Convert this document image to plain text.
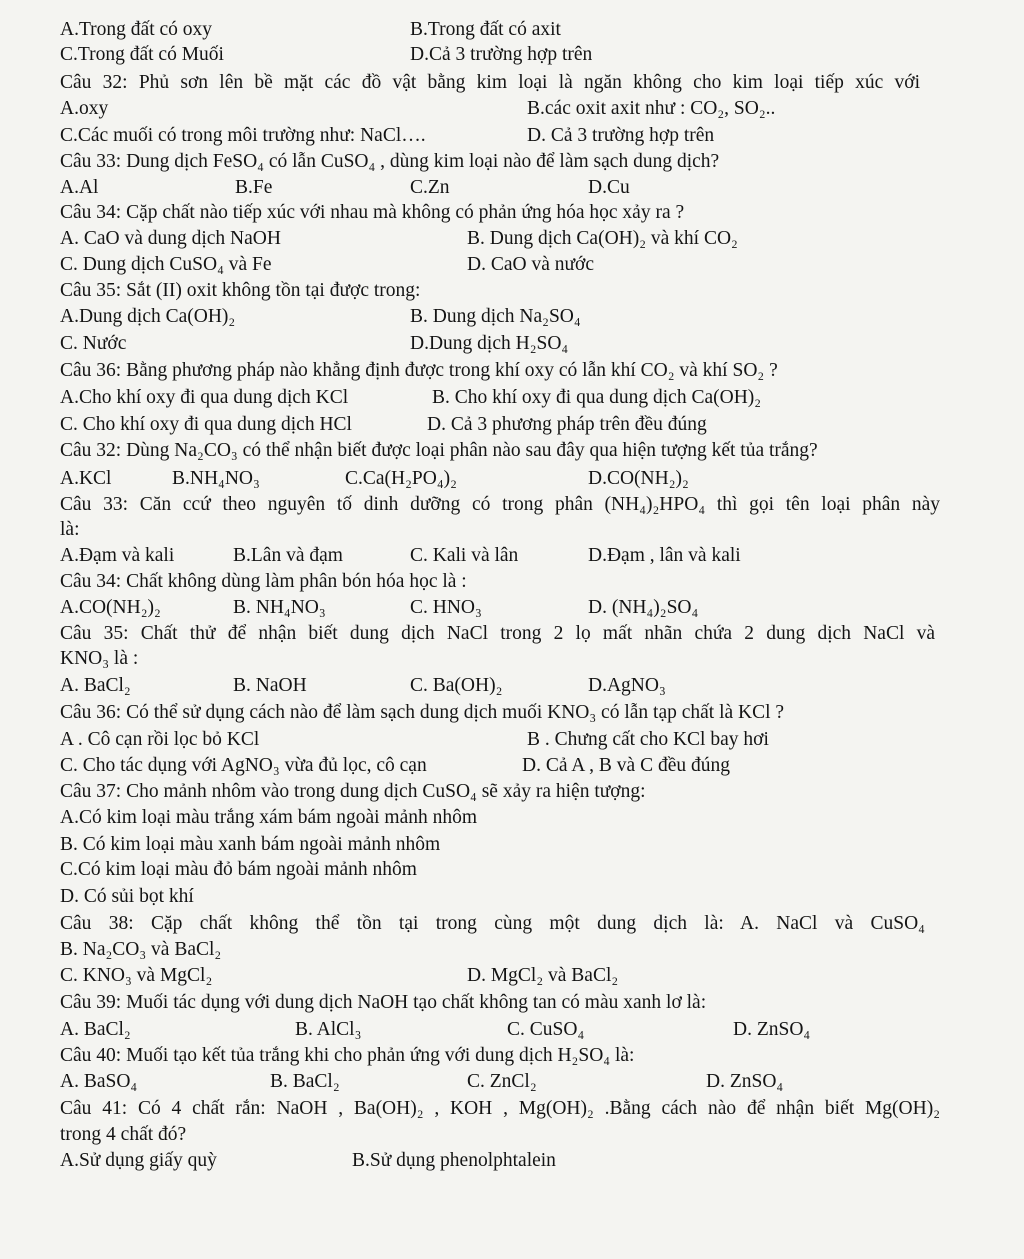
A.Trong đất có oxy	B.Trong đất có axit
C.Trong đất có Muối	D.Cả 3 trường hợp trên
Câu 32: Phủ sơn lên bề mặt các đồ vật bằng kim loại là ngăn không cho kim loại tiếp xúc với
A.oxy	B.các oxit axit như : CO₂, SO₂..
C.Các muối có trong môi trường như: NaCl….	D. Cả 3 trường hợp trên
Câu 33: Dung dịch FeSO₄ có lẫn CuSO₄ , dùng kim loại nào để làm sạch dung dịch?
A.Al	B.Fe	C.Zn	D.Cu
Câu 34: Cặp chất nào tiếp xúc với nhau mà không có phản ứng hóa học xảy ra ?
A. CaO và dung dịch NaOH	B. Dung dịch Ca(OH)₂ và khí CO₂
C. Dung dịch CuSO₄ và Fe	D. CaO và nước
Câu 35: Sắt (II) oxit không tồn tại được trong:
A.Dung dịch Ca(OH)₂	B. Dung dịch Na₂SO₄
C. Nước	D.Dung dịch H₂SO₄
Câu 36: Bằng phương pháp nào khẳng định được trong khí oxy có lẫn khí CO₂ và khí SO₂ ?
A.Cho khí oxy đi qua dung dịch KCl	B. Cho khí oxy đi qua dung dịch Ca(OH)₂
C. Cho khí oxy đi qua dung dịch HCl	D. Cả 3 phương pháp trên đều đúng
Câu 32: Dùng Na₂CO₃ có thể nhận biết được loại phân nào sau đây qua hiện tượng kết tủa trắng?
A.KCl	B.NH₄NO₃	C.Ca(H₂PO₄)₂	D.CO(NH₂)₂
Câu 33: Căn ccứ theo nguyên tố dinh dưỡng có trong phân (NH₄)₂HPO₄ thì gọi tên loại phân này
là:
A.Đạm và kali	B.Lân và đạm	C. Kali và lân	D.Đạm , lân và kali
Câu 34: Chất không dùng làm phân bón hóa học là :
A.CO(NH₂)₂	B. NH₄NO₃	C. HNO₃	D. (NH₄)₂SO₄
Câu 35: Chất thử để nhận biết dung dịch NaCl trong 2 lọ mất nhãn chứa 2 dung dịch NaCl và
KNO₃ là :
A. BaCl₂	B. NaOH	C. Ba(OH)₂	D.AgNO₃
Câu 36: Có thể sử dụng cách nào để làm sạch dung dịch muối KNO₃ có lẫn tạp chất là KCl ?
A . Cô cạn rồi lọc bỏ KCl	B . Chưng cất cho KCl bay hơi
C. Cho tác dụng với AgNO₃ vừa đủ lọc, cô cạn	D. Cả A , B và C đều đúng
Câu 37: Cho mảnh nhôm vào trong dung dịch CuSO₄ sẽ xảy ra hiện tượng:
A.Có kim loại màu trắng xám bám ngoài mảnh nhôm
B. Có kim loại màu xanh bám ngoài mảnh nhôm
C.Có kim loại màu đỏ bám ngoài mảnh nhôm
D. Có sủi bọt khí
Câu 38: Cặp chất không thể tồn tại trong cùng một dung dịch là: A. NaCl và CuSO₄
B. Na₂CO₃ và BaCl₂
C. KNO₃ và MgCl₂	D. MgCl₂ và BaCl₂
Câu 39: Muối tác dụng với dung dịch NaOH tạo chất không tan có màu xanh lơ là:
A. BaCl₂	B. AlCl₃	C. CuSO₄	D. ZnSO₄
Câu 40: Muối tạo kết tủa trắng khi cho phản ứng với dung dịch H₂SO₄ là:
A. BaSO₄	B. BaCl₂	C. ZnCl₂	D. ZnSO₄
Câu 41: Có 4 chất rắn: NaOH , Ba(OH)₂ , KOH , Mg(OH)₂ .Bằng cách nào để nhận biết Mg(OH)₂
trong 4 chất đó?
A.Sử dụng giấy quỳ	B.Sử dụng phenolphtalein
